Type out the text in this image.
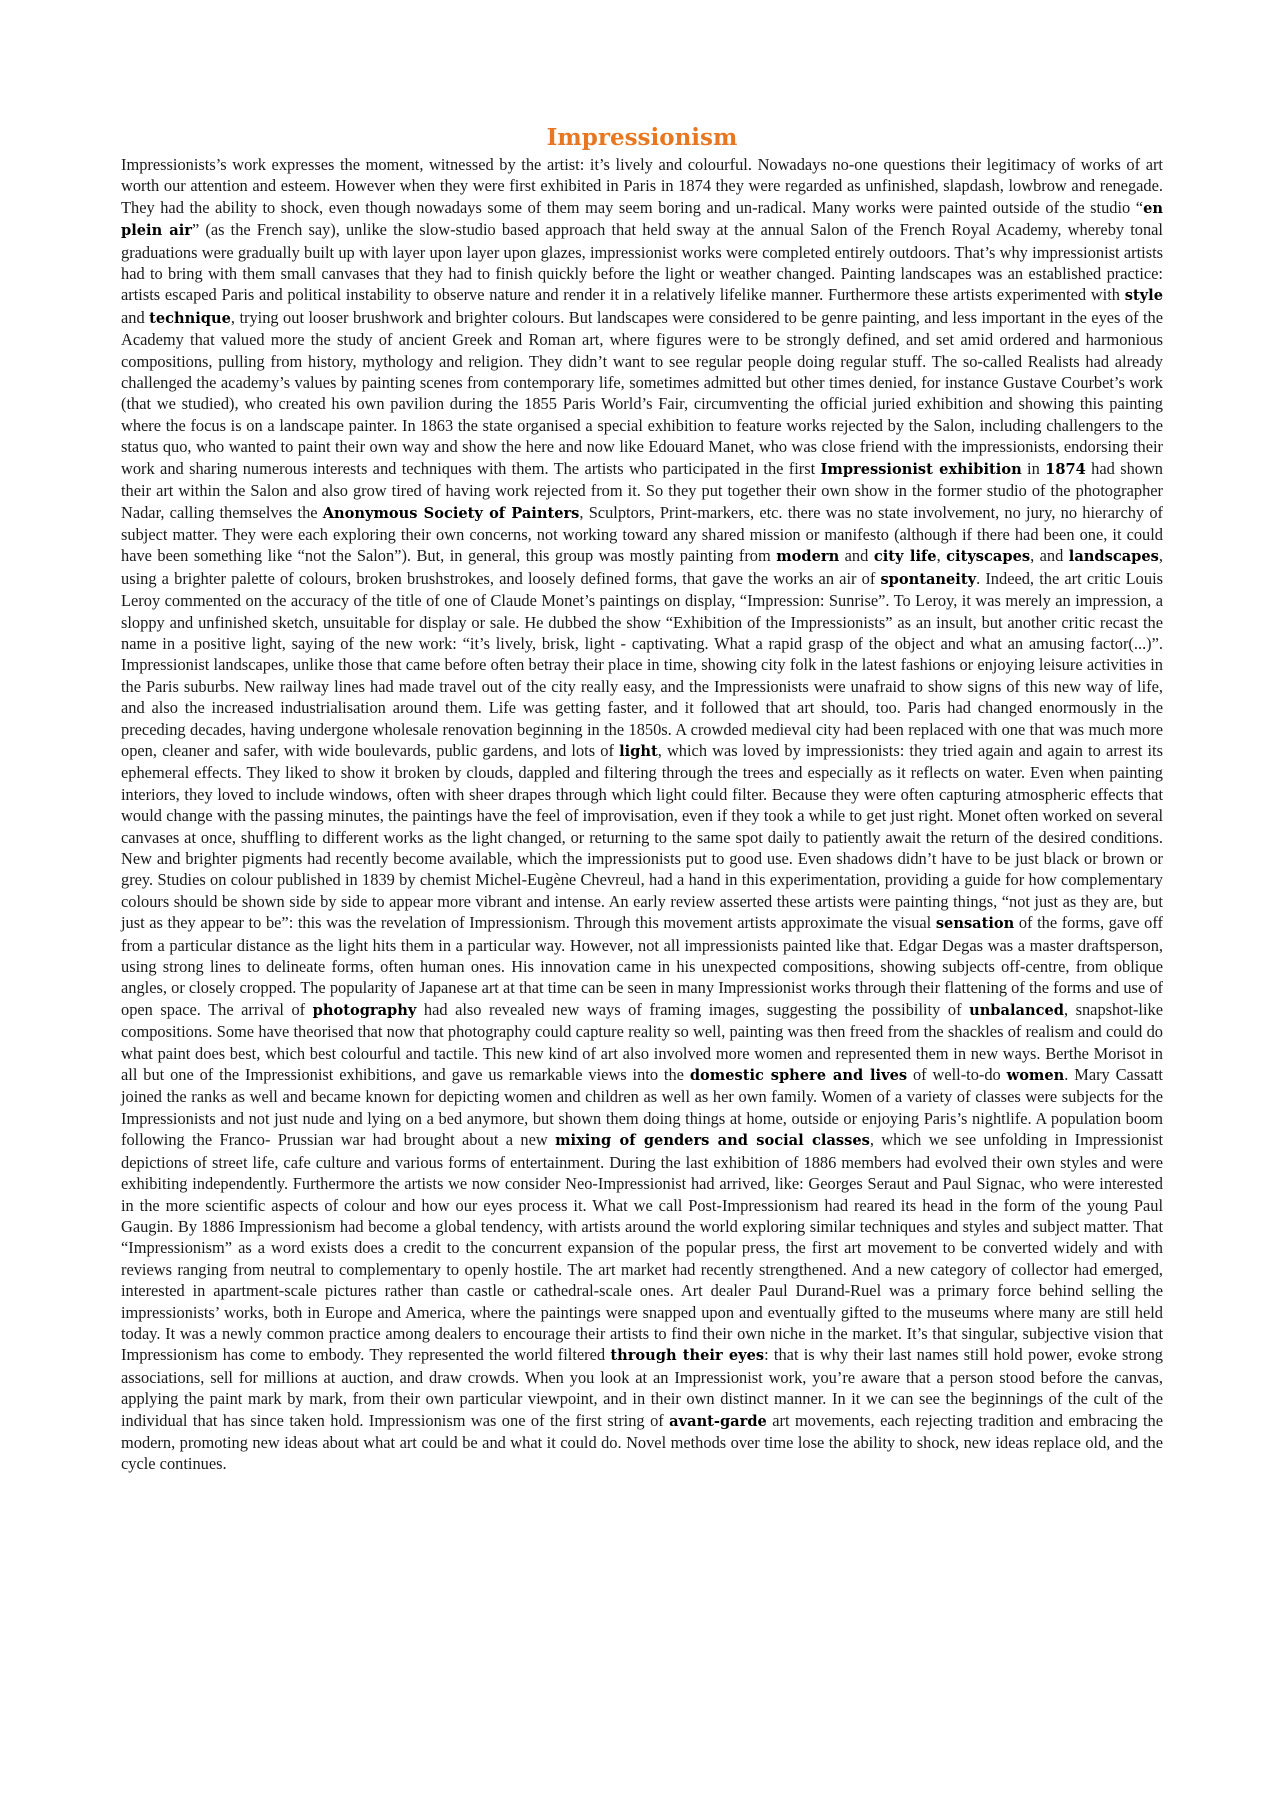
Impressionism

Impressionists’s work expresses the moment, witnessed by the artist: it’s lively and colourful. Nowadays no-one questions their legitimacy of works of art worth our attention and esteem. However when they were first exhibited in Paris in 1874 they were regarded as unfinished, slapdash, lowbrow and renegade. They had the ability to shock, even though nowadays some of them may seem boring and un-radical. Many works were painted outside of the studio “en plein air” (as the French say), unlike the slow-studio based approach that held sway at the annual Salon of the French Royal Academy, whereby tonal graduations were gradually built up with layer upon layer upon glazes, impressionist works were completed entirely outdoors. That’s why impressionist artists had to bring with them small canvases that they had to finish quickly before the light or weather changed. Painting landscapes was an established practice: artists escaped Paris and political instability to observe nature and render it in a relatively lifelike manner. Furthermore these artists experimented with style and technique, trying out looser brushwork and brighter colours. But landscapes were considered to be genre painting, and less important in the eyes of the Academy that valued more the study of ancient Greek and Roman art, where figures were to be strongly defined, and set amid ordered and harmonious compositions, pulling from history, mythology and religion. They didn’t want to see regular people doing regular stuff. The so-called Realists had already challenged the academy’s values by painting scenes from contemporary life, sometimes admitted but other times denied, for instance Gustave Courbet’s work (that we studied), who created his own pavilion during the 1855 Paris World’s Fair, circumventing the official juried exhibition and showing this painting where the focus is on a landscape painter. In 1863 the state organised a special exhibition to feature works rejected by the Salon, including challengers to the status quo, who wanted to paint their own way and show the here and now like Edouard Manet, who was close friend with the impressionists, endorsing their work and sharing numerous interests and techniques with them. The artists who participated in the first Impressionist exhibition in 1874 had shown their art within the Salon and also grow tired of having work rejected from it. So they put together their own show in the former studio of the photographer Nadar, calling themselves the Anonymous Society of Painters, Sculptors, Print-markers, etc. there was no state involvement, no jury, no hierarchy of subject matter. They were each exploring their own concerns, not working toward any shared mission or manifesto (although if there had been one, it could have been something like “not the Salon”). But, in general, this group was mostly painting from modern and city life, cityscapes, and landscapes, using a brighter palette of colours, broken brushstrokes, and loosely defined forms, that gave the works an air of spontaneity. Indeed, the art critic Louis Leroy commented on the accuracy of the title of one of Claude Monet’s paintings on display, “Impression: Sunrise”. To Leroy, it was merely an impression, a sloppy and unfinished sketch, unsuitable for display or sale. He dubbed the show “Exhibition of the Impressionists” as an insult, but another critic recast the name in a positive light, saying of the new work: “it’s lively, brisk, light - captivating. What a rapid grasp of the object and what an amusing factor(...)”. Impressionist landscapes, unlike those that came before often betray their place in time, showing city folk in the latest fashions or enjoying leisure activities in the Paris suburbs. New railway lines had made travel out of the city really easy, and the Impressionists were unafraid to show signs of this new way of life, and also the increased industrialisation around them. Life was getting faster, and it followed that art should, too. Paris had changed enormously in the preceding decades, having undergone wholesale renovation beginning in the 1850s. A crowded medieval city had been replaced with one that was much more open, cleaner and safer, with wide boulevards, public gardens, and lots of light, which was loved by impressionists: they tried again and again to arrest its ephemeral effects. They liked to show it broken by clouds, dappled and filtering through the trees and especially as it reflects on water. Even when painting interiors, they loved to include windows, often with sheer drapes through which light could filter. Because they were often capturing atmospheric effects that would change with the passing minutes, the paintings have the feel of improvisation, even if they took a while to get just right. Monet often worked on several canvases at once, shuffling to different works as the light changed, or returning to the same spot daily to patiently await the return of the desired conditions. New and brighter pigments had recently become available, which the impressionists put to good use. Even shadows didn’t have to be just black or brown or grey. Studies on colour published in 1839 by chemist Michel-Eugène Chevreul, had a hand in this experimentation, providing a guide for how complementary colours should be shown side by side to appear more vibrant and intense. An early review asserted these artists were painting things, “not just as they are, but just as they appear to be”: this was the revelation of Impressionism. Through this movement artists approximate the visual sensation of the forms, gave off from a particular distance as the light hits them in a particular way. However, not all impressionists painted like that. Edgar Degas was a master draftsperson, using strong lines to delineate forms, often human ones. His innovation came in his unexpected compositions, showing subjects off-centre, from oblique angles, or closely cropped. The popularity of Japanese art at that time can be seen in many Impressionist works through their flattening of the forms and use of open space. The arrival of photography had also revealed new ways of framing images, suggesting the possibility of unbalanced, snapshot-like compositions. Some have theorised that now that photography could capture reality so well, painting was then freed from the shackles of realism and could do what paint does best, which best colourful and tactile. This new kind of art also involved more women and represented them in new ways. Berthe Morisot in all but one of the Impressionist exhibitions, and gave us remarkable views into the domestic sphere and lives of well-to-do women. Mary Cassatt joined the ranks as well and became known for depicting women and children as well as her own family. Women of a variety of classes were subjects for the Impressionists and not just nude and lying on a bed anymore, but shown them doing things at home, outside or enjoying Paris’s nightlife. A population boom following the Franco- Prussian war had brought about a new mixing of genders and social classes, which we see unfolding in Impressionist depictions of street life, cafe culture and various forms of entertainment. During the last exhibition of 1886 members had evolved their own styles and were exhibiting independently. Furthermore the artists we now consider Neo-Impressionist had arrived, like: Georges Seraut and Paul Signac, who were interested in the more scientific aspects of colour and how our eyes process it. What we call Post-Impressionism had reared its head in the form of the young Paul Gaugin. By 1886 Impressionism had become a global tendency, with artists around the world exploring similar techniques and styles and subject matter. That “Impressionism” as a word exists does a credit to the concurrent expansion of the popular press, the first art movement to be converted widely and with reviews ranging from neutral to complementary to openly hostile. The art market had recently strengthened. And a new category of collector had emerged, interested in apartment-scale pictures rather than castle or cathedral-scale ones. Art dealer Paul Durand-Ruel was a primary force behind selling the impressionists’ works, both in Europe and America, where the paintings were snapped upon and eventually gifted to the museums where many are still held today. It was a newly common practice among dealers to encourage their artists to find their own niche in the market. It’s that singular, subjective vision that Impressionism has come to embody. They represented the world filtered through their eyes: that is why their last names still hold power, evoke strong associations, sell for millions at auction, and draw crowds. When you look at an Impressionist work, you’re aware that a person stood before the canvas, applying the paint mark by mark, from their own particular viewpoint, and in their own distinct manner. In it we can see the beginnings of the cult of the individual that has since taken hold. Impressionism was one of the first string of avant-garde art movements, each rejecting tradition and embracing the modern, promoting new ideas about what art could be and what it could do. Novel methods over time lose the ability to shock, new ideas replace old, and the cycle continues.
